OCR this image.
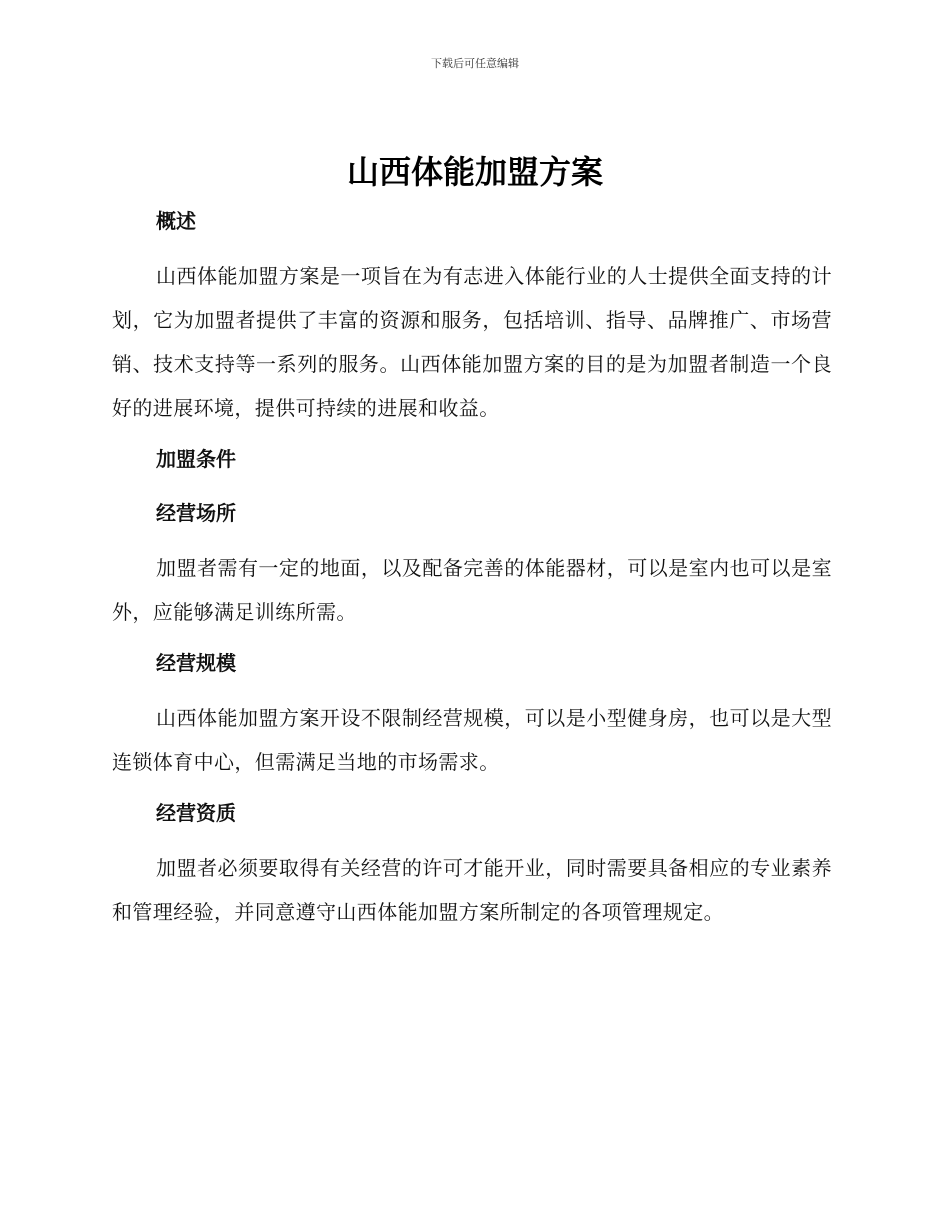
下载后可任意编辑
山西体能加盟方案
概述

山西体能加盟方案是一项旨在为有志进入体能行业的人士提供全面支持的计划，它为加盟者提供了丰富的资源和服务，包括培训、指导、品牌推广、市场营销、技术支持等一系列的服务。山西体能加盟方案的目的是为加盟者制造一个良好的进展环境，提供可持续的进展和收益。

加盟条件
经营场所

加盟者需有一定的地面，以及配备完善的体能器材，可以是室内也可以是室外，应能够满足训练所需。

经营规模

山西体能加盟方案开设不限制经营规模，可以是小型健身房，也可以是大型连锁体育中心，但需满足当地的市场需求。

经营资质

加盟者必须要取得有关经营的许可才能开业，同时需要具备相应的专业素养和管理经验，并同意遵守山西体能加盟方案所制定的各项管理规定。
